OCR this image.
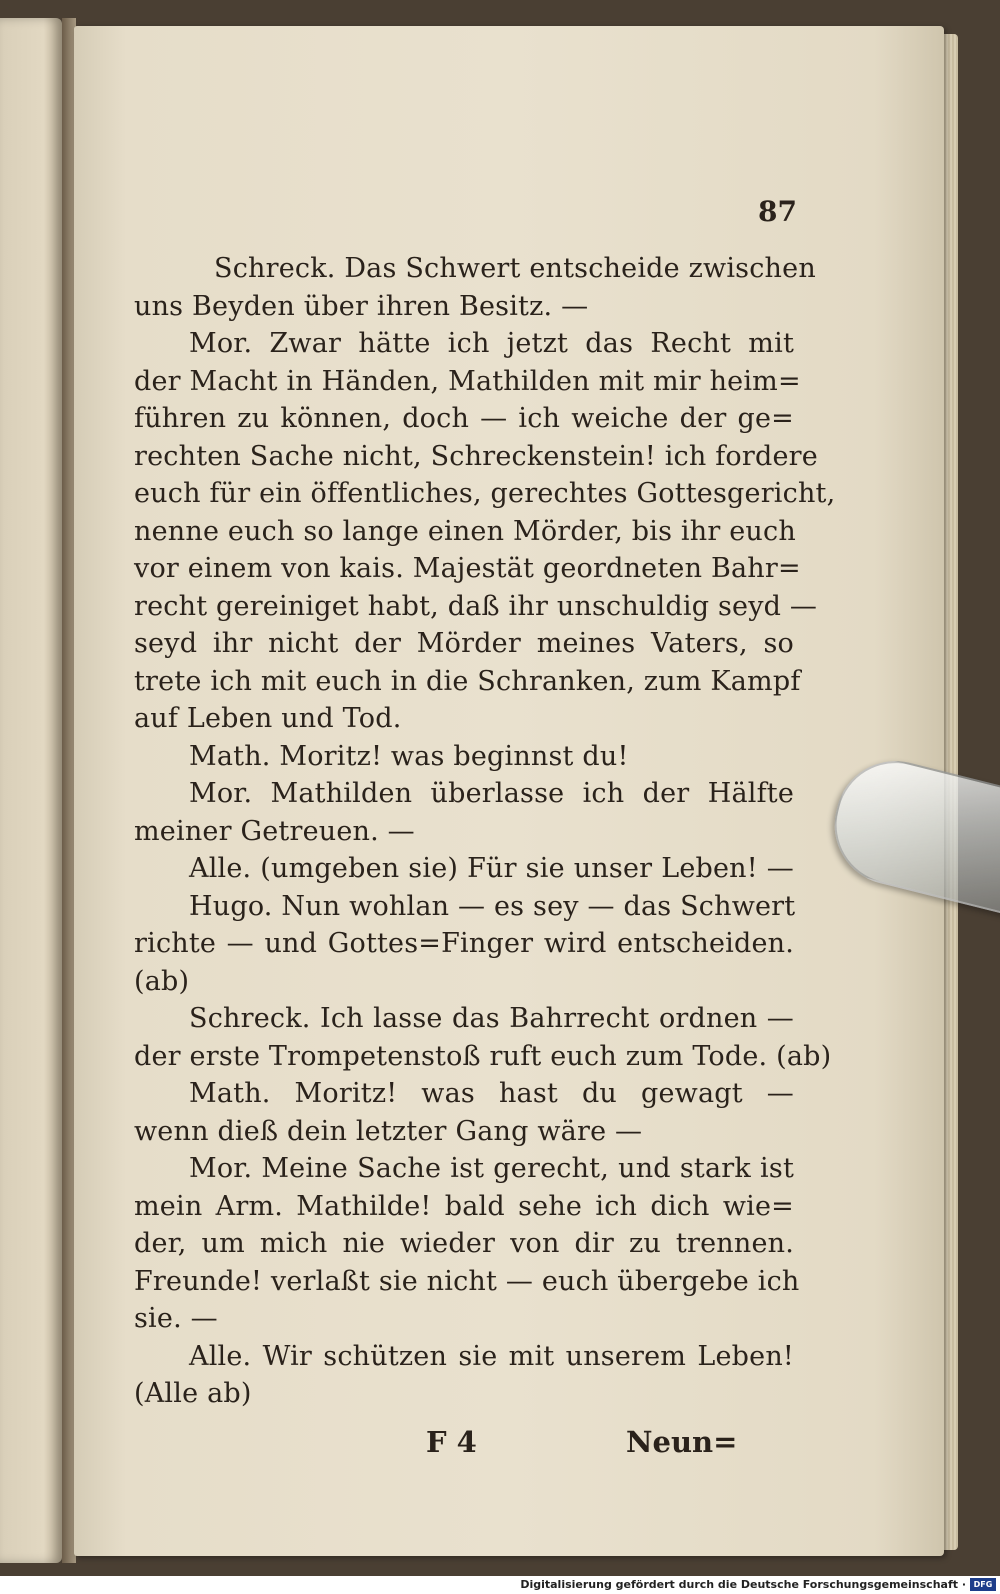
87
Schreck. Das Schwert entscheide zwischen
uns Beyden über ihren Besitz. —
Mor. Zwar hätte ich jetzt das Recht mit
der Macht in Händen, Mathilden mit mir heim=
führen zu können, doch — ich weiche der ge=
rechten Sache nicht, Schreckenstein! ich fordere
euch für ein öffentliches, gerechtes Gottesgericht,
nenne euch so lange einen Mörder, bis ihr euch
vor einem von kais. Majestät geordneten Bahr=
recht gereiniget habt, daß ihr unschuldig seyd —
seyd ihr nicht der Mörder meines Vaters, so
trete ich mit euch in die Schranken, zum Kampf
auf Leben und Tod.
Math. Moritz! was beginnst du!
Mor. Mathilden überlasse ich der Hälfte
meiner Getreuen. —
Alle. (umgeben sie) Für sie unser Leben! —
Hugo. Nun wohlan — es sey — das Schwert
richte — und Gottes=Finger wird entscheiden.
(ab)
Schreck. Ich lasse das Bahrrecht ordnen —
der erste Trompetenstoß ruft euch zum Tode. (ab)
Math. Moritz! was hast du gewagt —
wenn dieß dein letzter Gang wäre —
Mor. Meine Sache ist gerecht, und stark ist
mein Arm. Mathilde! bald sehe ich dich wie=
der, um mich nie wieder von dir zu trennen.
Freunde! verlaßt sie nicht — euch übergebe ich
sie. —
Alle. Wir schützen sie mit unserem Leben!
(Alle ab)
F 4	Neun=
Digitalisierung gefördert durch die Deutsche Forschungsgemeinschaft · DFG
